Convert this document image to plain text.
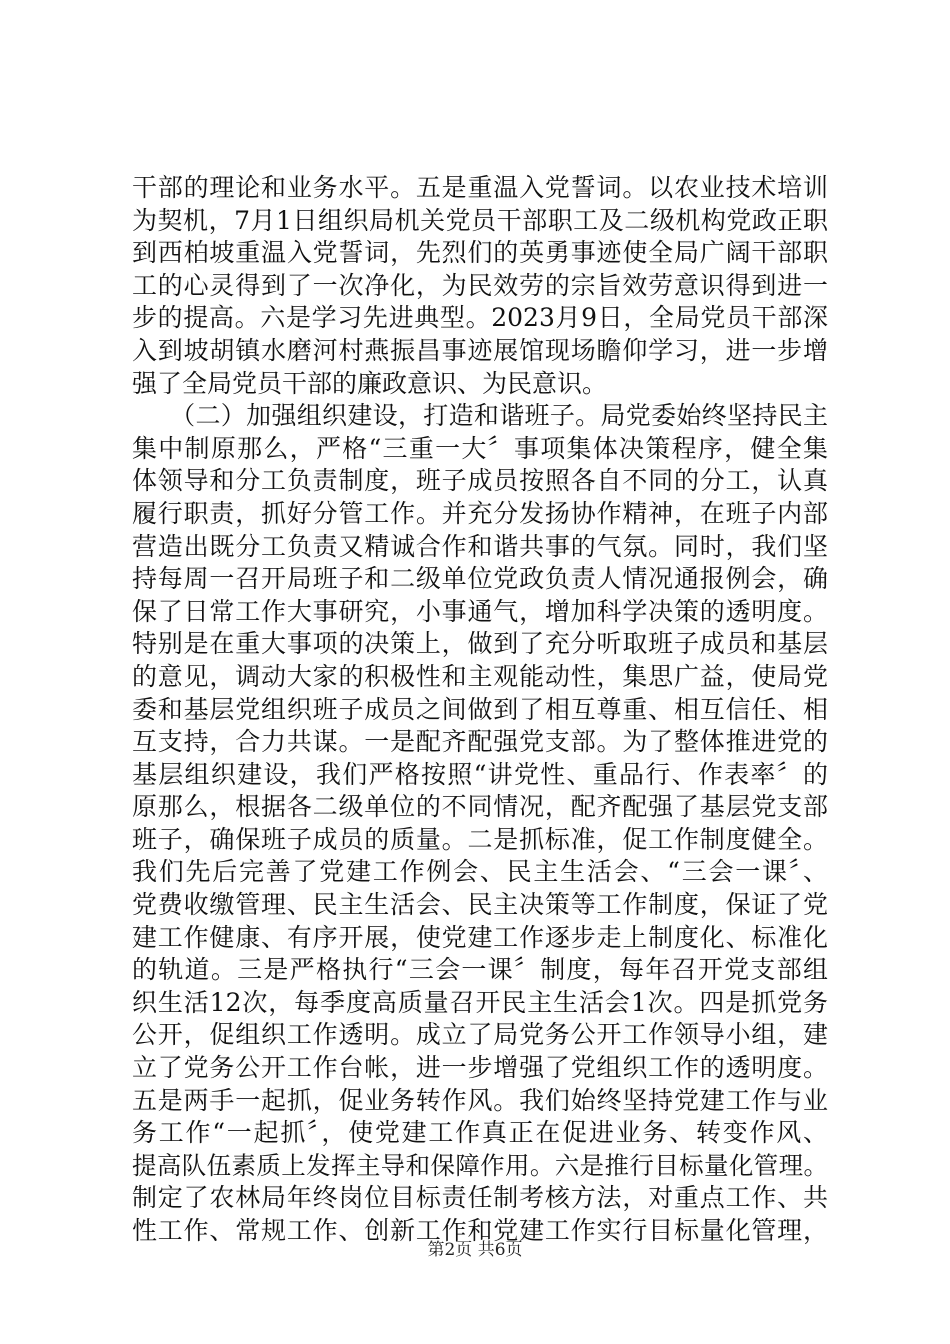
干部的理论和业务水平。五是重温入党誓词。以农业技术培训
为契机，7月1日组织局机关党员干部职工及二级机构党政正职
到西柏坡重温入党誓词，先烈们的英勇事迹使全局广阔干部职
工的心灵得到了一次净化，为民效劳的宗旨效劳意识得到进一
步的提高。六是学习先进典型。2023月9日，全局党员干部深
入到坡胡镇水磨河村燕振昌事迹展馆现场瞻仰学习，进一步增
强了全局党员干部的廉政意识、为民意识。
　　（二）加强组织建设，打造和谐班子。局党委始终坚持民主
集中制原那么，严格“三重一大〞事项集体决策程序，健全集
体领导和分工负责制度，班子成员按照各自不同的分工，认真
履行职责，抓好分管工作。并充分发扬协作精神，在班子内部
营造出既分工负责又精诚合作和谐共事的气氛。同时，我们坚
持每周一召开局班子和二级单位党政负责人情况通报例会，确
保了日常工作大事研究，小事通气，增加科学决策的透明度。
特别是在重大事项的决策上，做到了充分听取班子成员和基层
的意见，调动大家的积极性和主观能动性，集思广益，使局党
委和基层党组织班子成员之间做到了相互尊重、相互信任、相
互支持，合力共谋。一是配齐配强党支部。为了整体推进党的
基层组织建设，我们严格按照“讲党性、重品行、作表率〞的
原那么，根据各二级单位的不同情况，配齐配强了基层党支部
班子，确保班子成员的质量。二是抓标准，促工作制度健全。
我们先后完善了党建工作例会、民主生活会、“三会一课〞、
党费收缴管理、民主生活会、民主决策等工作制度，保证了党
建工作健康、有序开展，使党建工作逐步走上制度化、标准化
的轨道。三是严格执行“三会一课〞制度，每年召开党支部组
织生活12次，每季度高质量召开民主生活会1次。四是抓党务
公开，促组织工作透明。成立了局党务公开工作领导小组，建
立了党务公开工作台帐，进一步增强了党组织工作的透明度。
五是两手一起抓，促业务转作风。我们始终坚持党建工作与业
务工作“一起抓〞，使党建工作真正在促进业务、转变作风、
提高队伍素质上发挥主导和保障作用。六是推行目标量化管理。
制定了农林局年终岗位目标责任制考核方法，对重点工作、共
性工作、常规工作、创新工作和党建工作实行目标量化管理，
第2页 共6页
